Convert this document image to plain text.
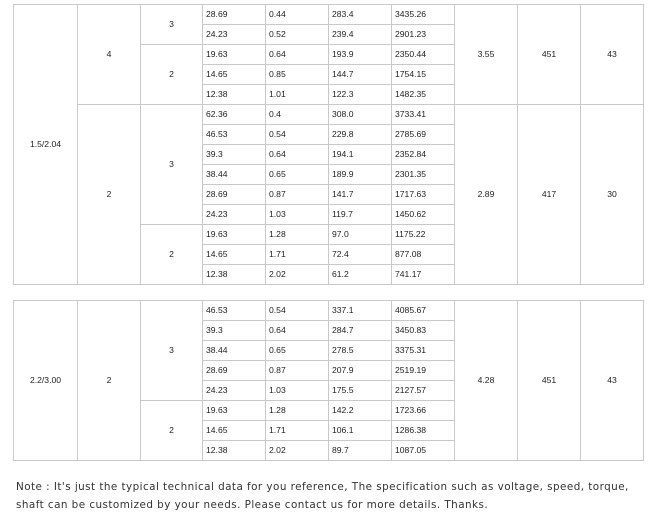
1.5/2.04	4	3	28.69	0.44	283.4	3435.26	3.55	451	43
			24.23	0.52	239.4	2901.23			
		2	19.63	0.64	193.9	2350.44			
			14.65	0.85	144.7	1754.15			
			12.38	1.01	122.3	1482.35			
	2	3	62.36	0.4	308.0	3733.41	2.89	417	30
			46.53	0.54	229.8	2785.69			
			39.3	0.64	194.1	2352.84			
			38.44	0.65	189.9	2301.35			
			28.69	0.87	141.7	1717.63			
			24.23	1.03	119.7	1450.62			
		2	19.63	1.28	97.0	1175.22			
			14.65	1.71	72.4	877.08			
			12.38	2.02	61.2	741.17			
2.2/3.00	2	3	46.53	0.54	337.1	4085.67	4.28	451	43
			39.3	0.64	284.7	3450.83			
			38.44	0.65	278.5	3375.31			
			28.69	0.87	207.9	2519.19			
			24.23	1.03	175.5	2127.57			
		2	19.63	1.28	142.2	1723.66			
			14.65	1.71	106.1	1286.38			
			12.38	2.02	89.7	1087.05			
Note : It's just the typical technical data for you reference, The specification such as voltage, speed, torque, shaft can be customized by your needs. Please contact us for more details. Thanks.
